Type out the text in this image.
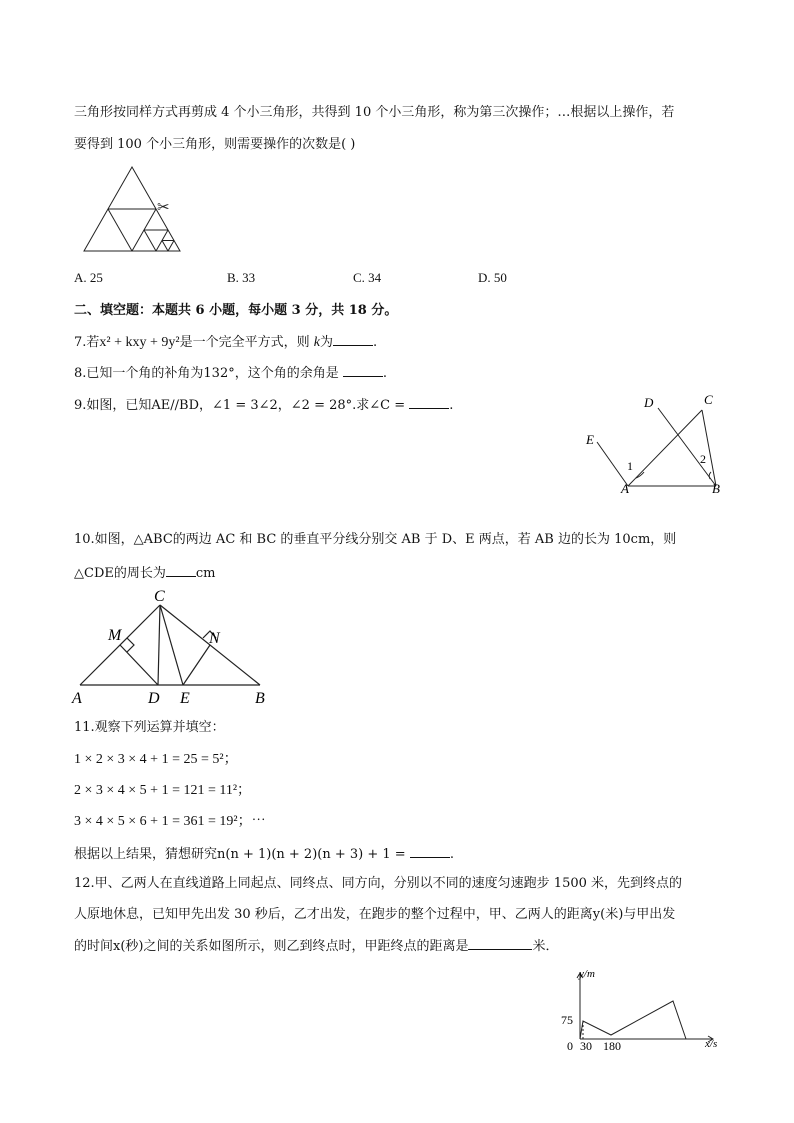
三角形按同样方式再剪成 4 个小三角形，共得到 10 个小三角形，称为第三次操作；…根据以上操作，若
要得到 100 个小三角形，则需要操作的次数是( )
✂
A. 25	B. 33	C. 34	D. 50
二、填空题：本题共 6 小题，每小题 3 分，共 18 分。
7.若x² + kxy + 9y²是一个完全平方式，则 k为	.
8.已知一个角的补角为132°，这个角的余角是	.
9.如图，已知AE//BD，∠1 = 3∠2，∠2 = 28°.求∠C =	.	D	C
E
A	B
1	2
10.如图，△ABC的两边 AC 和 BC 的垂直平分线分别交 AB 于 D、E 两点，若 AB 边的长为 10cm，则
△CDE的周长为 cm
C
M	N
A	D E	B
11.观察下列运算并填空：
1 × 2 × 3 × 4 + 1 = 25 = 5²；
2 × 3 × 4 × 5 + 1 = 121 = 11²；
3 × 4 × 5 × 6 + 1 = 361 = 19²；⋯
根据以上结果，猜想研究n(n + 1)(n + 2)(n + 3) + 1 =	.
12.甲、乙两人在直线道路上同起点、同终点、同方向，分别以不同的速度匀速跑步 1500 米，先到终点的
人原地休息，已知甲先出发 30 秒后，乙才出发，在跑步的整个过程中，甲、乙两人的距离y(米)与甲出发
的时间x(秒)之间的关系如图所示，则乙到终点时，甲距终点的距离是	米．
y/m
x/s
75
0 30 180
